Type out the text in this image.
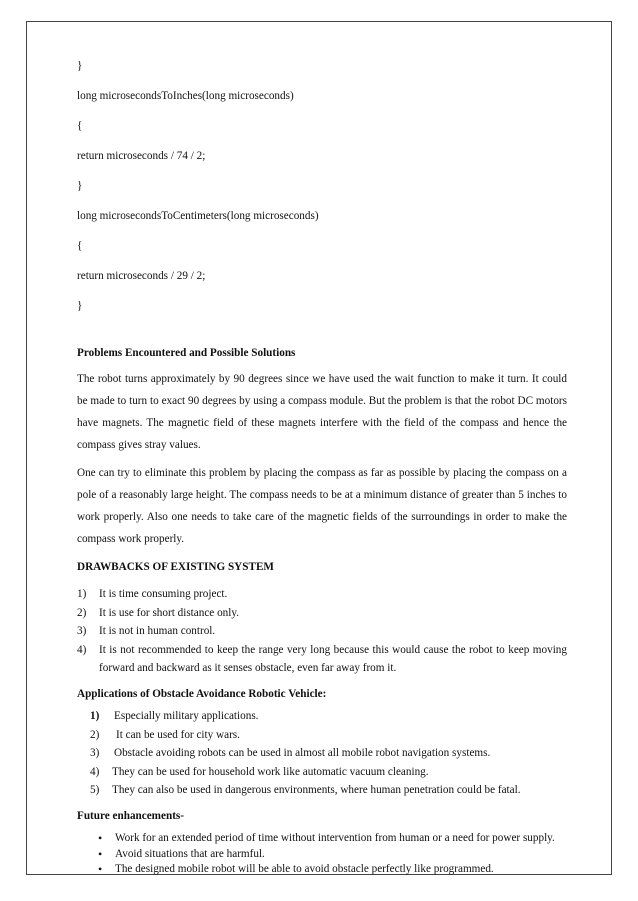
}
long microsecondsToInches(long microseconds)
{
return microseconds / 74 / 2;
}
long microsecondsToCentimeters(long microseconds)
{
return microseconds / 29 / 2;
}
Problems Encountered and Possible Solutions

The robot turns approximately by 90 degrees since we have used the wait function to make it turn. It could be made to turn to exact 90 degrees by using a compass module. But the problem is that the robot DC motors have magnets. The magnetic field of these magnets interfere with the field of the compass and hence the compass gives stray values.

One can try to eliminate this problem by placing the compass as far as possible by placing the compass on a pole of a reasonably large height. The compass needs to be at a minimum distance of greater than 5 inches to work properly. Also one needs to take care of the magnetic fields of the surroundings in order to make the compass work properly.

DRAWBACKS OF EXISTING SYSTEM
1)	It is time consuming project.
2)	It is use for short distance only.
3)	It is not in human control.
4)	It is not recommended to keep the range very long because this would cause the robot to keep moving forward and backward as it senses obstacle, even far away from it.
Applications of Obstacle Avoidance Robotic Vehicle:
1)	Especially military applications.
2)	It can be used for city wars.
3)	Obstacle avoiding robots can be used in almost all mobile robot navigation systems.
4)	They can be used for household work like automatic vacuum cleaning.
5)	They can also be used in dangerous environments, where human penetration could be fatal.
Future enhancements-
• Work for an extended period of time without intervention from human or a need for power supply.
• Avoid situations that are harmful.
• The designed mobile robot will be able to avoid obstacle perfectly like programmed.
